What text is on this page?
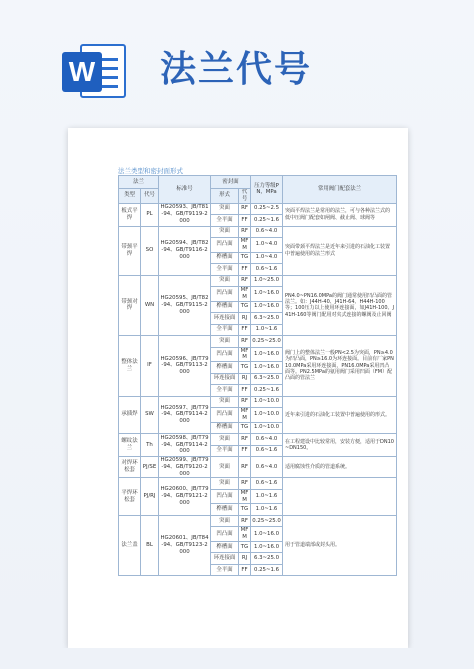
W 法兰代号
法兰类型和密封面形式
法兰		标准号	密封面		压力等级PN，MPa	常用阀门配套法兰
类型	代号		形式	代号		
板式平焊	PL	HG20593、JB/T81-94、GB/T9119-2000	突面	RF	0.25~2.5	突面平焊法兰是常用的法兰，可与各种法兰式的低中压阀门配套如闸阀、截止阀、球阀等
			全平面	FF	0.25~1.6	
带颈平焊	SO	HG20594、JB/T82-94、GB/T9116-2000	突面	RF	0.6~4.0	突面带颈平焊法兰是近年来引进的石油化工装置中普遍使用的法兰形式
			凹凸面	MFM	1.0~4.0	
			榫槽面	TG	1.0~4.0	
			全平面	FF	0.6~1.6	
带颈对焊	WN	HG20595、JB/T82-94、GB/T9115-2000	突面	RF	1.0~25.0	PN4.0~PN16.0MPa的阀门通常使用凹凸面的管法兰。如：J44H-40、J41H-64、H44H-100等；100压力以上使用环连接面，如J41H-100、J41H-160等阀门配用对夹式连接的螺阀及止回阀
			凹凸面	MFM	1.0~16.0	
			榫槽面	TG	1.0~16.0	
			环连接面	RJ	6.3~25.0	
			全平面	FF	1.0~1.6	
整体法兰	IF	HG20596、JB/T79-94、GB/T9113-2000	突面	RF	0.25~25.0	阀门上的整体法兰一般PN<2.5为突面，PN≥4.0为凹凸面，PN≥16.0为环连接面。目前有厂家PN10.0MPa采用环连接面，PN16.0MPa采用凹凸面等。PN2.5MPa的氨用阀门采用凹面（FM）配凸面的管法兰
			凹凸面	MFM	1.0~16.0	
			榫槽面	TG	1.0~16.0	
			环连接面	RJ	6.3~25.0	
			全平面	FF	0.25~1.6	
承插焊	SW	HG20597、JB/T79-94、GB/T9114-2000	突面	RF	1.0~10.0	近年来引进的石油化工装置中普遍使用的形式。
			凹凸面	MFM	1.0~10.0	
			榫槽面	TG	1.0~10.0	
螺纹法兰	Th	HG20598、JB/T79-94、GB/T9114-2000	突面	RF	0.6~4.0	在工程建设中比较常用，安装方便，适用于DN10~DN150。
			全平面	FF	0.6~1.6	
对焊环松套	PJ/SE	HG20599、JB/T79-94、GB/T9120-2000	突面	RF	0.6~4.0	适用腐蚀性介质的管道系统。
平焊环松套	PJ/RJ	HG20600、JB/T79-94、GB/T9121-2000	突面	RF	0.6~1.6	
			凹凸面	MFM	1.0~1.6	
			榫槽面	TG	1.0~1.6	
法兰盖	BL	HG20601、JB/T84-94、GB/T9123-2000	突面	RF	0.25~25.0	用于管道端部或封头用。
			凹凸面	MFM	1.0~16.0	
			榫槽面	TG	1.0~16.0	
			环连接面	RJ	6.3~25.0	
			全平面	FF	0.25~1.6	
